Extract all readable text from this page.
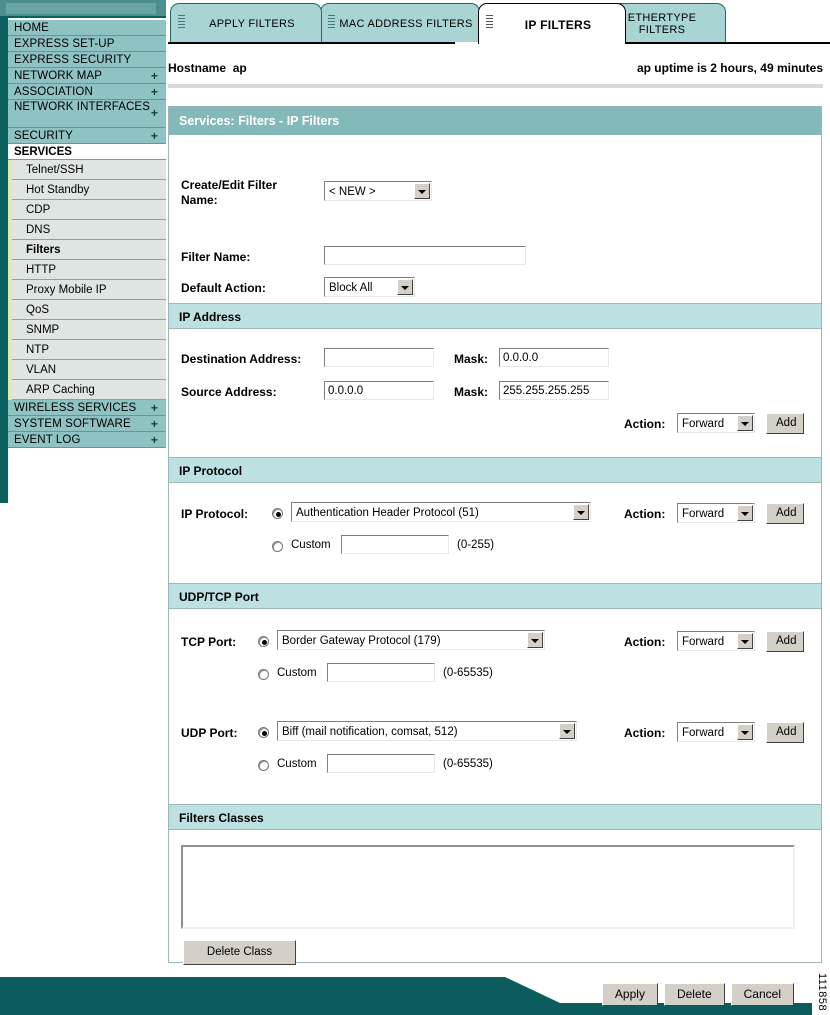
HOME
EXPRESS SET-UP
EXPRESS SECURITY
NETWORK MAP	+
ASSOCIATION	+
NETWORK INTERFACES +
SECURITY	+
SERVICES
Telnet/SSH
Hot Standby
CDP
DNS
Filters
HTTP
Proxy Mobile IP
QoS
SNMP
NTP
VLAN
ARP Caching
WIRELESS SERVICES +
SYSTEM SOFTWARE +
EVENT LOG	+
APPLY FILTERS	MAC ADDRESS FILTERS	IP FILTERS	ETHERTYPE FILTERS
Hostname ap	ap uptime is 2 hours, 49 minutes
Services: Filters - IP Filters
Create/Edit Filter Name:
< NEW >
Filter Name:
Default Action:	Block All
IP Address
Destination Address:	Mask:	0.0.0.0
Source Address:	0.0.0.0	Mask:	255.255.255.255
Action:	Forward	Add
IP Protocol
IP Protocol:	Authentication Header Protocol (51)	Action:	Forward	Add
Custom	(0-255)
UDP/TCP Port
TCP Port:	Border Gateway Protocol (179)	Action:	Forward	Add
Custom	(0-65535)
UDP Port:	Biff (mail notification, comsat, 512)	Action:	Forward	Add
Custom	(0-65535)
Filters Classes
Delete Class
Apply	Delete	Cancel	111858
